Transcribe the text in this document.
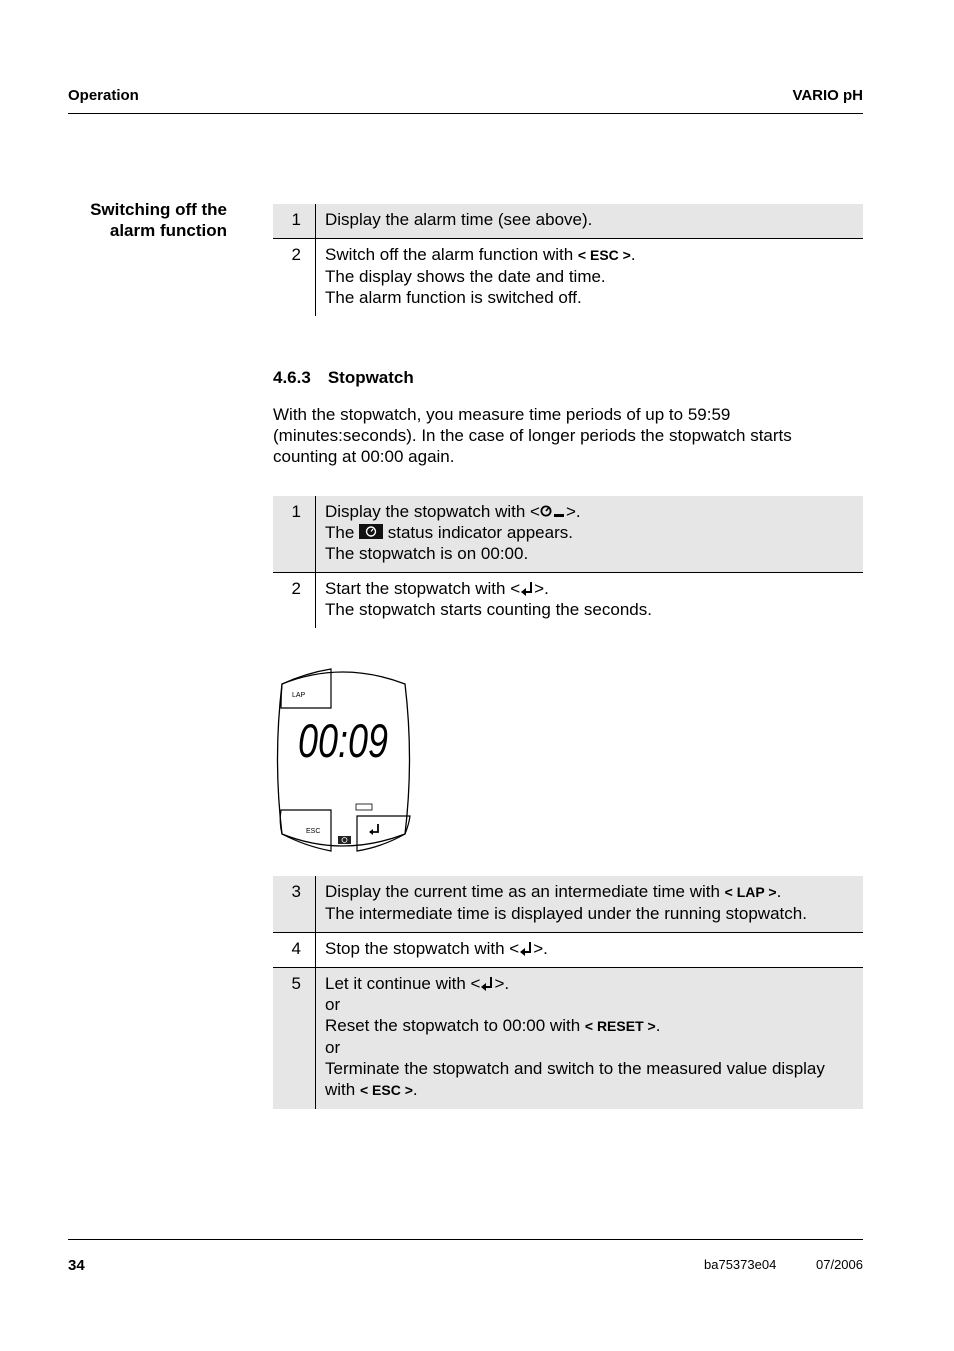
Operation	VARIO pH
Switching off the
alarm function
1	Display the alarm time (see above).
2	Switch off the alarm function with < ESC >.
The display shows the date and time.
The alarm function is switched off.
4.6.3 Stopwatch
With the stopwatch, you measure time periods of up to 59:59 (minutes:seconds). In the case of longer periods the stopwatch starts counting at 00:00 again.
1	Display the stopwatch with < >.
The  status indicator appears.
The stopwatch is on 00:00.
2	Start the stopwatch with < >.
The stopwatch starts counting the seconds.
LAP
00:09
ESC
3	Display the current time as an intermediate time with < LAP >.
The intermediate time is displayed under the running stopwatch.
4	Stop the stopwatch with < >.
5	Let it continue with < >.
or
Reset the stopwatch to 00:00 with < RESET >.
or
Terminate the stopwatch and switch to the measured value display
with < ESC >.
34	ba75373e04	07/2006
